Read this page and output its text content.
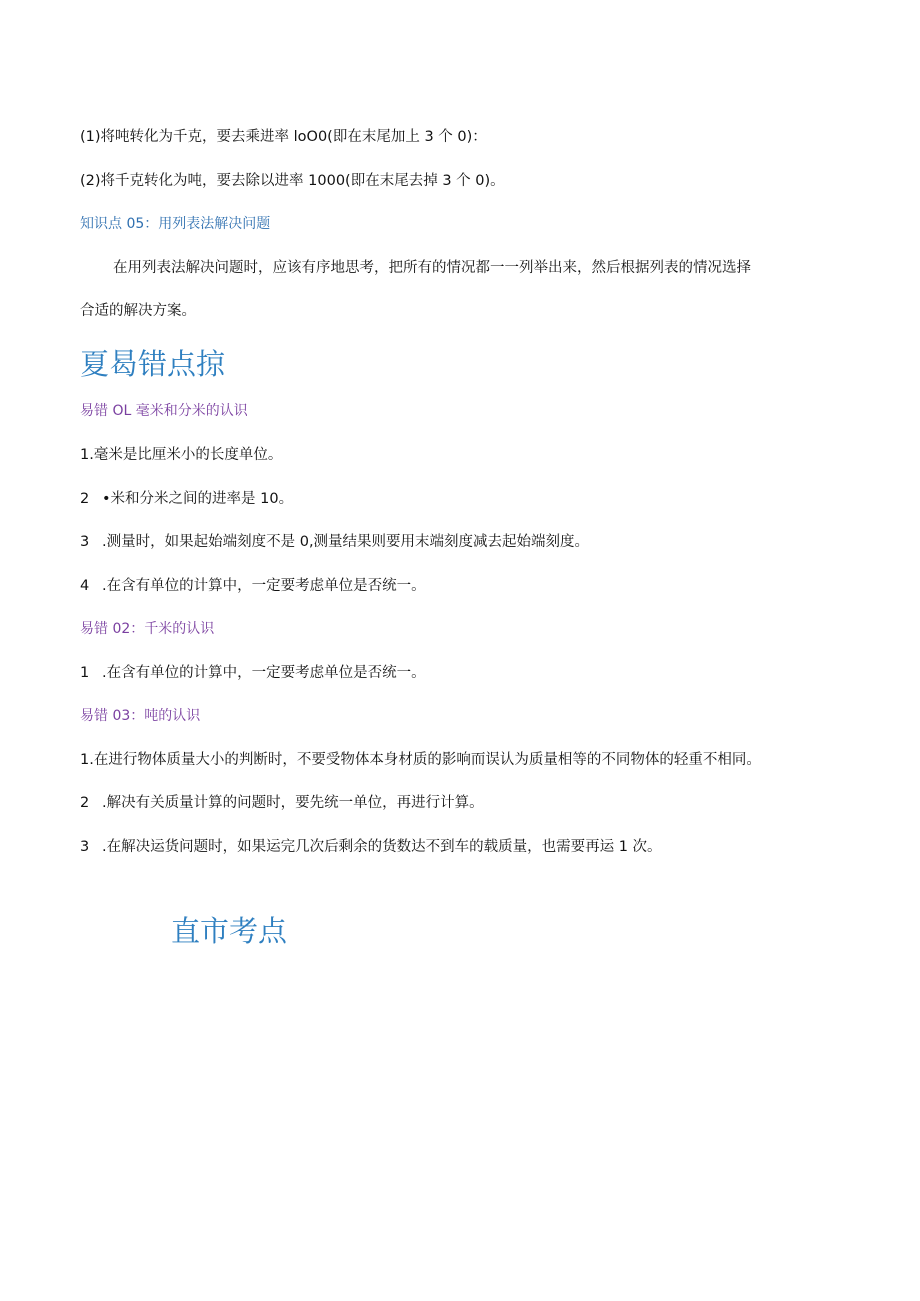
(1)将吨转化为千克，要去乘进率 loO0(即在末尾加上 3 个 0)：
(2)将千克转化为吨，要去除以进率 1000(即在末尾去掉 3 个 0)。
知识点 05：用列表法解决问题
在用列表法解决问题时，应该有序地思考，把所有的情况都一一列举出来，然后根据列表的情况选择
合适的解决方案。
夏曷错点掠
易错 OL 毫米和分米的认识
1.毫米是比厘米小的长度单位。
2 •米和分米之间的进率是 10。
3 .测量时，如果起始端刻度不是 0,测量结果则要用末端刻度减去起始端刻度。
4 .在含有单位的计算中，一定要考虑单位是否统一。
易错 02：千米的认识
1 .在含有单位的计算中，一定要考虑单位是否统一。
易错 03：吨的认识
1.在进行物体质量大小的判断时，不要受物体本身材质的影响而误认为质量相等的不同物体的轻重不相同。
2 .解决有关质量计算的问题时，要先统一单位，再进行计算。
3 .在解决运货问题时，如果运完几次后剩余的货数达不到车的载质量，也需要再运 1 次。
直市考点
